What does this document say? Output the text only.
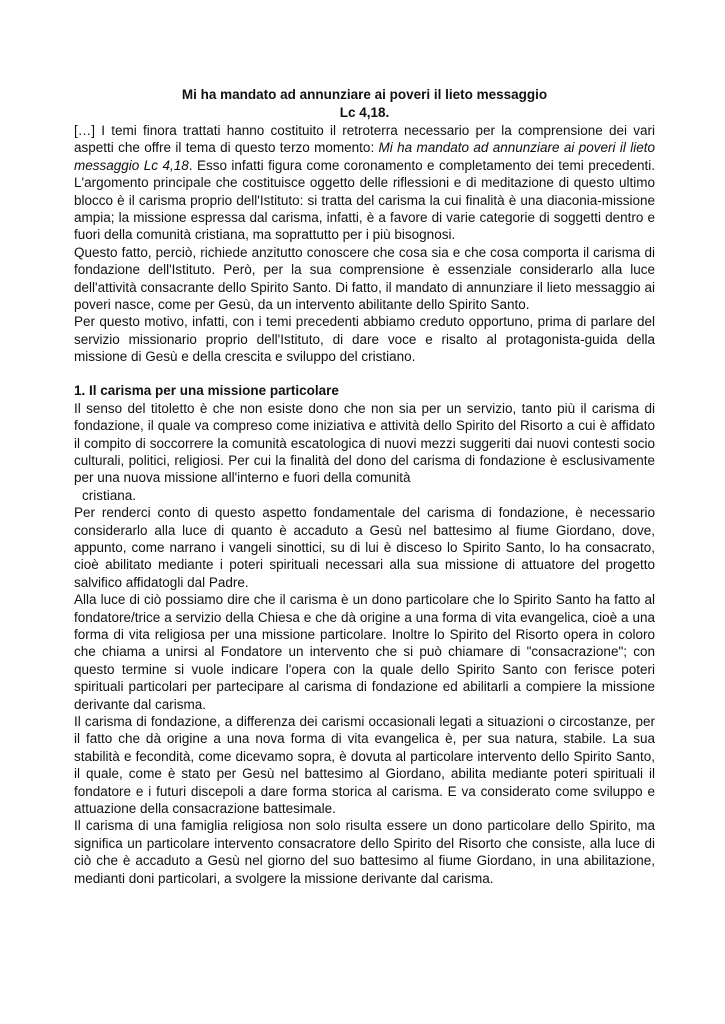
Mi ha mandato ad annunziare ai poveri il lieto messaggio

Lc 4,18.

[…] I temi finora trattati hanno costituito il retroterra necessario per la comprensione dei vari aspetti che offre il tema di questo terzo momento: Mi ha mandato ad annunziare ai poveri il lieto messaggio Lc 4,18. Esso infatti figura come coronamento e completamento dei temi precedenti. L'argomento principale che costituisce oggetto delle riflessioni e di meditazione di questo ultimo blocco è il carisma proprio dell'Istituto: si tratta del carisma la cui finalità è una diaconia-missione ampia; la missione espressa dal carisma, infatti, è a favore di varie categorie di soggetti dentro e fuori della comunità cristiana, ma soprattutto per i più bisognosi.

Questo fatto, perciò, richiede anzitutto conoscere che cosa sia e che cosa comporta il carisma di fondazione dell'Istituto. Però, per la sua comprensione è essenziale considerarlo alla luce dell'attività consacrante dello Spirito Santo. Di fatto, il mandato di annunziare il lieto messaggio ai poveri nasce, come per Gesù, da un intervento abilitante dello Spirito Santo.

Per questo motivo, infatti, con i temi precedenti abbiamo creduto opportuno, prima di parlare del servizio missionario proprio dell'Istituto, di dare voce e risalto al protagonista-guida della missione di Gesù e della crescita e sviluppo del cristiano.

1. Il carisma per una missione particolare

Il senso del titoletto è che non esiste dono che non sia per un servizio, tanto più il carisma di fondazione, il quale va compreso come iniziativa e attività dello Spirito del Risorto a cui è affidato il compito di soccorrere la comunità escatologica di nuovi mezzi suggeriti dai nuovi contesti socio culturali, politici, religiosi. Per cui la finalità del dono del carisma di fondazione è esclusivamente per una nuova missione all'interno e fuori della comunità

cristiana.

Per renderci conto di questo aspetto fondamentale del carisma di fondazione, è necessario considerarlo alla luce di quanto è accaduto a Gesù nel battesimo al fiume Giordano, dove, appunto, come narrano i vangeli sinottici, su di lui è disceso lo Spirito Santo, lo ha consacrato, cioè abilitato mediante i poteri spirituali necessari alla sua missione di attuatore del progetto salvifico affidatogli dal Padre.

Alla luce di ciò possiamo dire che il carisma è un dono particolare che lo Spirito Santo ha fatto al fondatore/trice a servizio della Chiesa e che dà origine a una forma di vita evangelica, cioè a una forma di vita religiosa per una missione particolare. Inoltre lo Spirito del Risorto opera in coloro che chiama a unirsi al Fondatore un intervento che si può chiamare di "consacrazione"; con questo termine si vuole indicare l'opera con la quale dello Spirito Santo con ferisce poteri spirituali particolari per partecipare al carisma di fondazione ed abilitarli a compiere la missione derivante dal carisma.

Il carisma di fondazione, a differenza dei carismi occasionali legati a situazioni o circostanze, per il fatto che dà origine a una nova forma di vita evangelica è, per sua natura, stabile. La sua stabilità e fecondità, come dicevamo sopra, è dovuta al particolare intervento dello Spirito Santo, il quale, come è stato per Gesù nel battesimo al Giordano, abilita mediante poteri spirituali il fondatore e i futuri discepoli a dare forma storica al carisma. E va considerato come sviluppo e attuazione della consacrazione battesimale.

Il carisma di una famiglia religiosa non solo risulta essere un dono particolare dello Spirito, ma significa un particolare intervento consacratore dello Spirito del Risorto che consiste, alla luce di ciò che è accaduto a Gesù nel giorno del suo battesimo al fiume Giordano, in una abilitazione, medianti doni particolari, a svolgere la missione derivante dal carisma.
